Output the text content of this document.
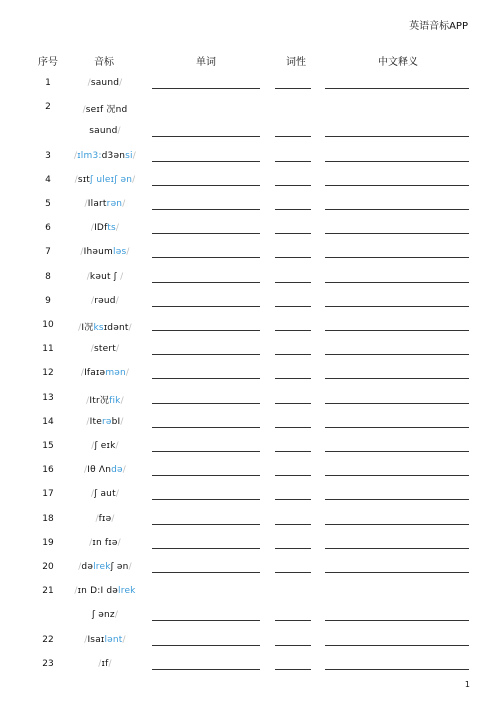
英语音标APP
序号	音标	单词	词性	中文释义
1	/saund/
2	/seɪf 况nd
saund/
3	/ɪlm3:d3ənsi/
4	/sɪtʃ uleɪʃ ən/
5	/Ilartrən/
6	/IDfts/
7	/Ihəumləs/
8	/kəut ʃ /
9	/rəud/
10	/I况ksɪdənt/
11	/stert/
12	/Ifaɪəmən/
13	/Itr况fik/
14	/IterəbI/
15	/ʃ eɪk/
16	/Iθ Λndə/
17	/ʃ aut/
18	/fɪə/
19	/ɪn fɪə/
20	/dəlrekʃ ən/
21	/ɪn D:I dəlrek
ʃ ənz/
22	/Isaɪlənt/
23	/ɪf/
1
